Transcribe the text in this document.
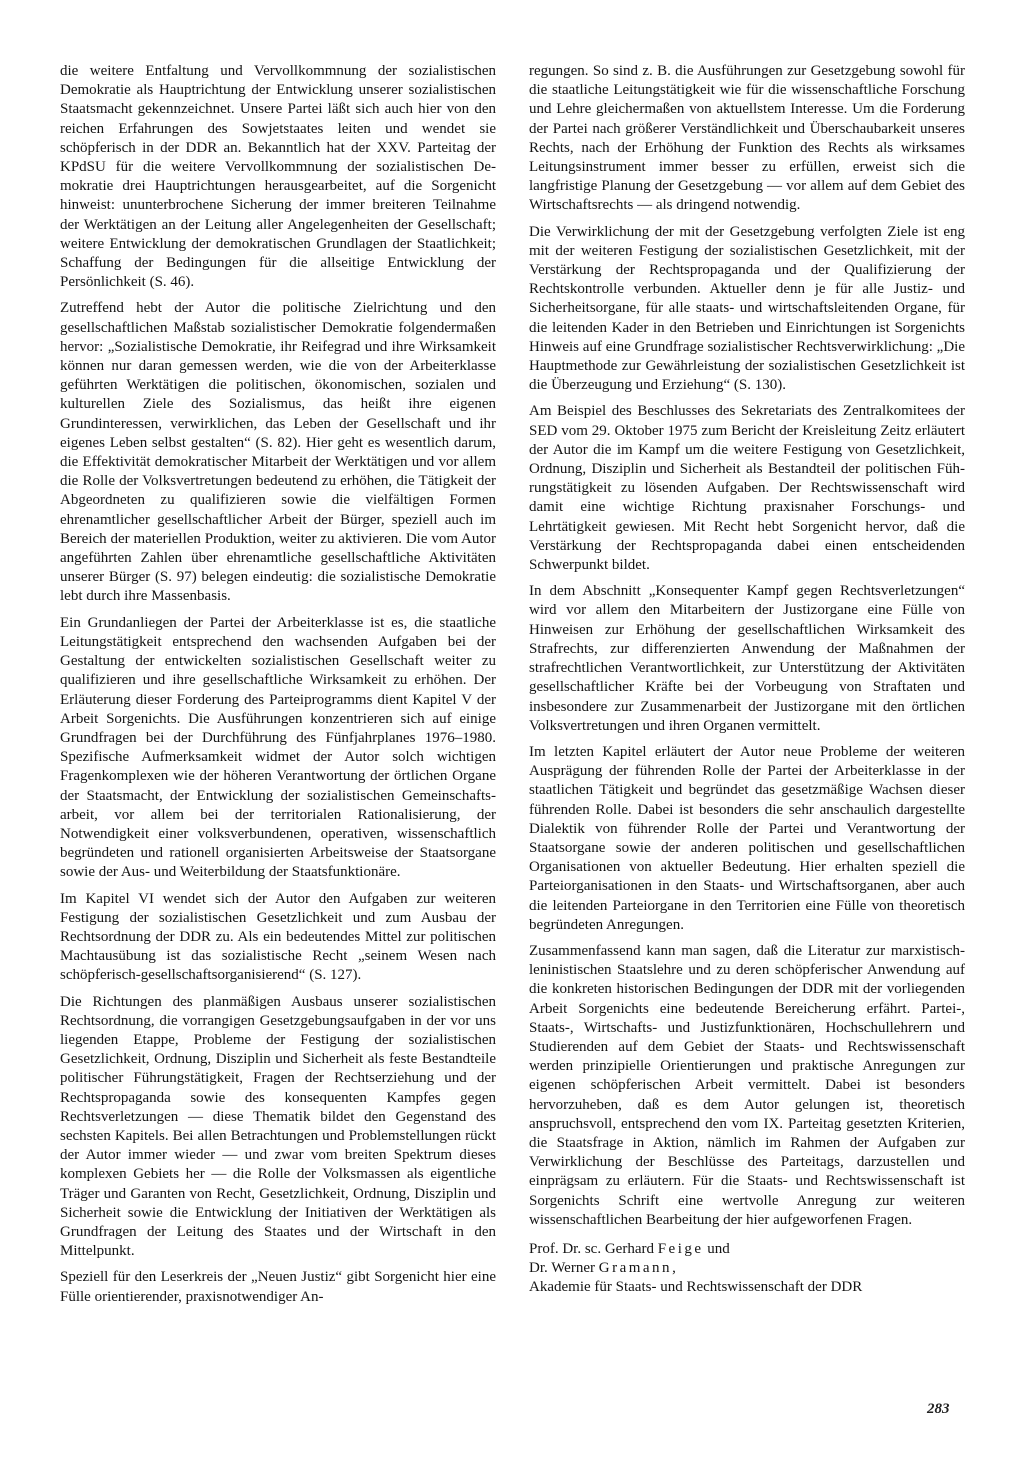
die weitere Entfaltung und Vervollkommnung der sozialistischen Demokratie als Hauptrichtung der Entwicklung unserer sozialistischen Staatsmacht gekennzeichnet. Unsere Partei läßt sich auch hier von den reichen Erfahrungen des Sowjetstaates leiten und wendet sie schöpferisch in der DDR an. Bekanntlich hat der XXV. Parteitag der KPdSU für die weitere Vervollkommnung der sozialistischen Demokratie drei Hauptrichtungen herausgearbeitet, auf die Sorgenicht hinweist: ununterbrochene Sicherung der immer breiteren Teilnahme der Werktätigen an der Leitung aller Angelegenheiten der Gesellschaft; weitere Entwicklung der demokratischen Grundlagen der Staatlichkeit; Schaffung der Bedingungen für die allseitige Entwicklung der Persönlichkeit (S. 46).

Zutreffend hebt der Autor die politische Zielrichtung und den gesellschaftlichen Maßstab sozialistischer Demokratie folgendermaßen hervor: „Sozialistische Demokratie, ihr Reifegrad und ihre Wirksamkeit können nur daran gemessen werden, wie die von der Arbeiterklasse geführten Werktätigen die politischen, ökonomischen, sozialen und kulturellen Ziele des Sozialismus, das heißt ihre eigenen Grundinteressen, verwirklichen, das Leben der Gesellschaft und ihr eigenes Leben selbst gestalten“ (S. 82). Hier geht es wesentlich darum, die Effektivität demokratischer Mitarbeit der Werktätigen und vor allem die Rolle der Volksvertretungen bedeutend zu erhöhen, die Tätigkeit der Abgeordneten zu qualifizieren sowie die vielfältigen Formen ehrenamtlicher gesellschaftlicher Arbeit der Bürger, speziell auch im Bereich der materiellen Produktion, weiter zu aktivieren. Die vom Autor angeführten Zahlen über ehrenamtliche gesellschaftliche Aktivitäten unserer Bürger (S. 97) belegen eindeutig: die sozialistische Demokratie lebt durch ihre Massenbasis.

Ein Grundanliegen der Partei der Arbeiterklasse ist es, die staatliche Leitungstätigkeit entsprechend den wachsenden Aufgaben bei der Gestaltung der entwickelten sozialistischen Gesellschaft weiter zu qualifizieren und ihre gesellschaftliche Wirksamkeit zu erhöhen. Der Erläuterung dieser Forderung des Parteiprogramms dient Kapitel V der Arbeit Sorgenichts. Die Ausführungen konzentrieren sich auf einige Grundfragen bei der Durchführung des Fünfjahrplanes 1976–1980. Spezifische Aufmerksamkeit widmet der Autor solch wichtigen Fragenkomplexen wie der höheren Verantwortung der örtlichen Organe der Staatsmacht, der Entwicklung der sozialistischen Gemeinschaftsarbeit, vor allem bei der territorialen Rationalisierung, der Notwendigkeit einer volksverbundenen, operativen, wissenschaftlich begründeten und rationell organisierten Arbeitsweise der Staatsorgane sowie der Aus- und Weiterbildung der Staatsfunktionäre.

Im Kapitel VI wendet sich der Autor den Aufgaben zur weiteren Festigung der sozialistischen Gesetzlichkeit und zum Ausbau der Rechtsordnung der DDR zu. Als ein bedeutendes Mittel zur politischen Machtausübung ist das sozialistische Recht „seinem Wesen nach schöpferisch-gesellschaftsorganisierend“ (S. 127).

Die Richtungen des planmäßigen Ausbaus unserer sozialistischen Rechtsordnung, die vorrangigen Gesetzgebungsaufgaben in der vor uns liegenden Etappe, Probleme der Festigung der sozialistischen Gesetzlichkeit, Ordnung, Disziplin und Sicherheit als feste Bestandteile politischer Führungstätigkeit, Fragen der Rechtserziehung und der Rechtspropaganda sowie des konsequenten Kampfes gegen Rechtsverletzungen — diese Thematik bildet den Gegenstand des sechsten Kapitels. Bei allen Betrachtungen und Problemstellungen rückt der Autor immer wieder — und zwar vom breiten Spektrum dieses komplexen Gebiets her — die Rolle der Volksmassen als eigentliche Träger und Garanten von Recht, Gesetzlichkeit, Ordnung, Disziplin und Sicherheit sowie die Entwicklung der Initiativen der Werktätigen als Grundfragen der Leitung des Staates und der Wirtschaft in den Mittelpunkt.

Speziell für den Leserkreis der „Neuen Justiz“ gibt Sorgenicht hier eine Fülle orientierender, praxisnotwendiger An-

regungen. So sind z. B. die Ausführungen zur Gesetzgebung sowohl für die staatliche Leitungstätigkeit wie für die wissenschaftliche Forschung und Lehre gleichermaßen von aktuellstem Interesse. Um die Forderung der Partei nach größerer Verständlichkeit und Überschaubarkeit unseres Rechts, nach der Erhöhung der Funktion des Rechts als wirksames Leitungsinstrument immer besser zu erfüllen, erweist sich die langfristige Planung der Gesetzgebung — vor allem auf dem Gebiet des Wirtschaftsrechts — als dringend notwendig.

Die Verwirklichung der mit der Gesetzgebung verfolgten Ziele ist eng mit der weiteren Festigung der sozialistischen Gesetzlichkeit, mit der Verstärkung der Rechtspropaganda und der Qualifizierung der Rechtskontrolle verbunden. Aktueller denn je für alle Justiz- und Sicherheitsorgane, für alle staats- und wirtschaftsleitenden Organe, für die leitenden Kader in den Betrieben und Einrichtungen ist Sorgenichts Hinweis auf eine Grundfrage sozialistischer Rechtsverwirklichung: „Die Hauptmethode zur Gewährleistung der sozialistischen Gesetzlichkeit ist die Überzeugung und Erziehung“ (S. 130).

Am Beispiel des Beschlusses des Sekretariats des Zentralkomitees der SED vom 29. Oktober 1975 zum Bericht der Kreisleitung Zeitz erläutert der Autor die im Kampf um die weitere Festigung von Gesetzlichkeit, Ordnung, Disziplin und Sicherheit als Bestandteil der politischen Führungstätigkeit zu lösenden Aufgaben. Der Rechtswissenschaft wird damit eine wichtige Richtung praxisnaher Forschungs- und Lehrtätigkeit gewiesen. Mit Recht hebt Sorgenicht hervor, daß die Verstärkung der Rechtspropaganda dabei einen entscheidenden Schwerpunkt bildet.

In dem Abschnitt „Konsequenter Kampf gegen Rechtsverletzungen“ wird vor allem den Mitarbeitern der Justizorgane eine Fülle von Hinweisen zur Erhöhung der gesellschaftlichen Wirksamkeit des Strafrechts, zur differenzierten Anwendung der Maßnahmen der strafrechtlichen Verantwortlichkeit, zur Unterstützung der Aktivitäten gesellschaftlicher Kräfte bei der Vorbeugung von Straftaten und insbesondere zur Zusammenarbeit der Justizorgane mit den örtlichen Volksvertretungen und ihren Organen vermittelt.

Im letzten Kapitel erläutert der Autor neue Probleme der weiteren Ausprägung der führenden Rolle der Partei der Arbeiterklasse in der staatlichen Tätigkeit und begründet das gesetzmäßige Wachsen dieser führenden Rolle. Dabei ist besonders die sehr anschaulich dargestellte Dialektik von führender Rolle der Partei und Verantwortung der Staatsorgane sowie der anderen politischen und gesellschaftlichen Organisationen von aktueller Bedeutung. Hier erhalten speziell die Parteiorganisationen in den Staats- und Wirtschaftsorganen, aber auch die leitenden Parteiorgane in den Territorien eine Fülle von theoretisch begründeten Anregungen.

Zusammenfassend kann man sagen, daß die Literatur zur marxistisch-leninistischen Staatslehre und zu deren schöpferischer Anwendung auf die konkreten historischen Bedingungen der DDR mit der vorliegenden Arbeit Sorgenichts eine bedeutende Bereicherung erfährt. Partei-, Staats-, Wirtschafts- und Justizfunktionären, Hochschullehrern und Studierenden auf dem Gebiet der Staats- und Rechtswissenschaft werden prinzipielle Orientierungen und praktische Anregungen zur eigenen schöpferischen Arbeit vermittelt. Dabei ist besonders hervorzuheben, daß es dem Autor gelungen ist, theoretisch anspruchsvoll, entsprechend den vom IX. Parteitag gesetzten Kriterien, die Staatsfrage in Aktion, nämlich im Rahmen der Aufgaben zur Verwirklichung der Beschlüsse des Parteitags, darzustellen und einprägsam zu erläutern. Für die Staats- und Rechtswissenschaft ist Sorgenichts Schrift eine wertvolle Anregung zur weiteren wissenschaftlichen Bearbeitung der hier aufgeworfenen Fragen.

Prof. Dr. sc. Gerhard Feige und
Dr. Werner Gramann,
Akademie für Staats- und Rechtswissenschaft der DDR
283
